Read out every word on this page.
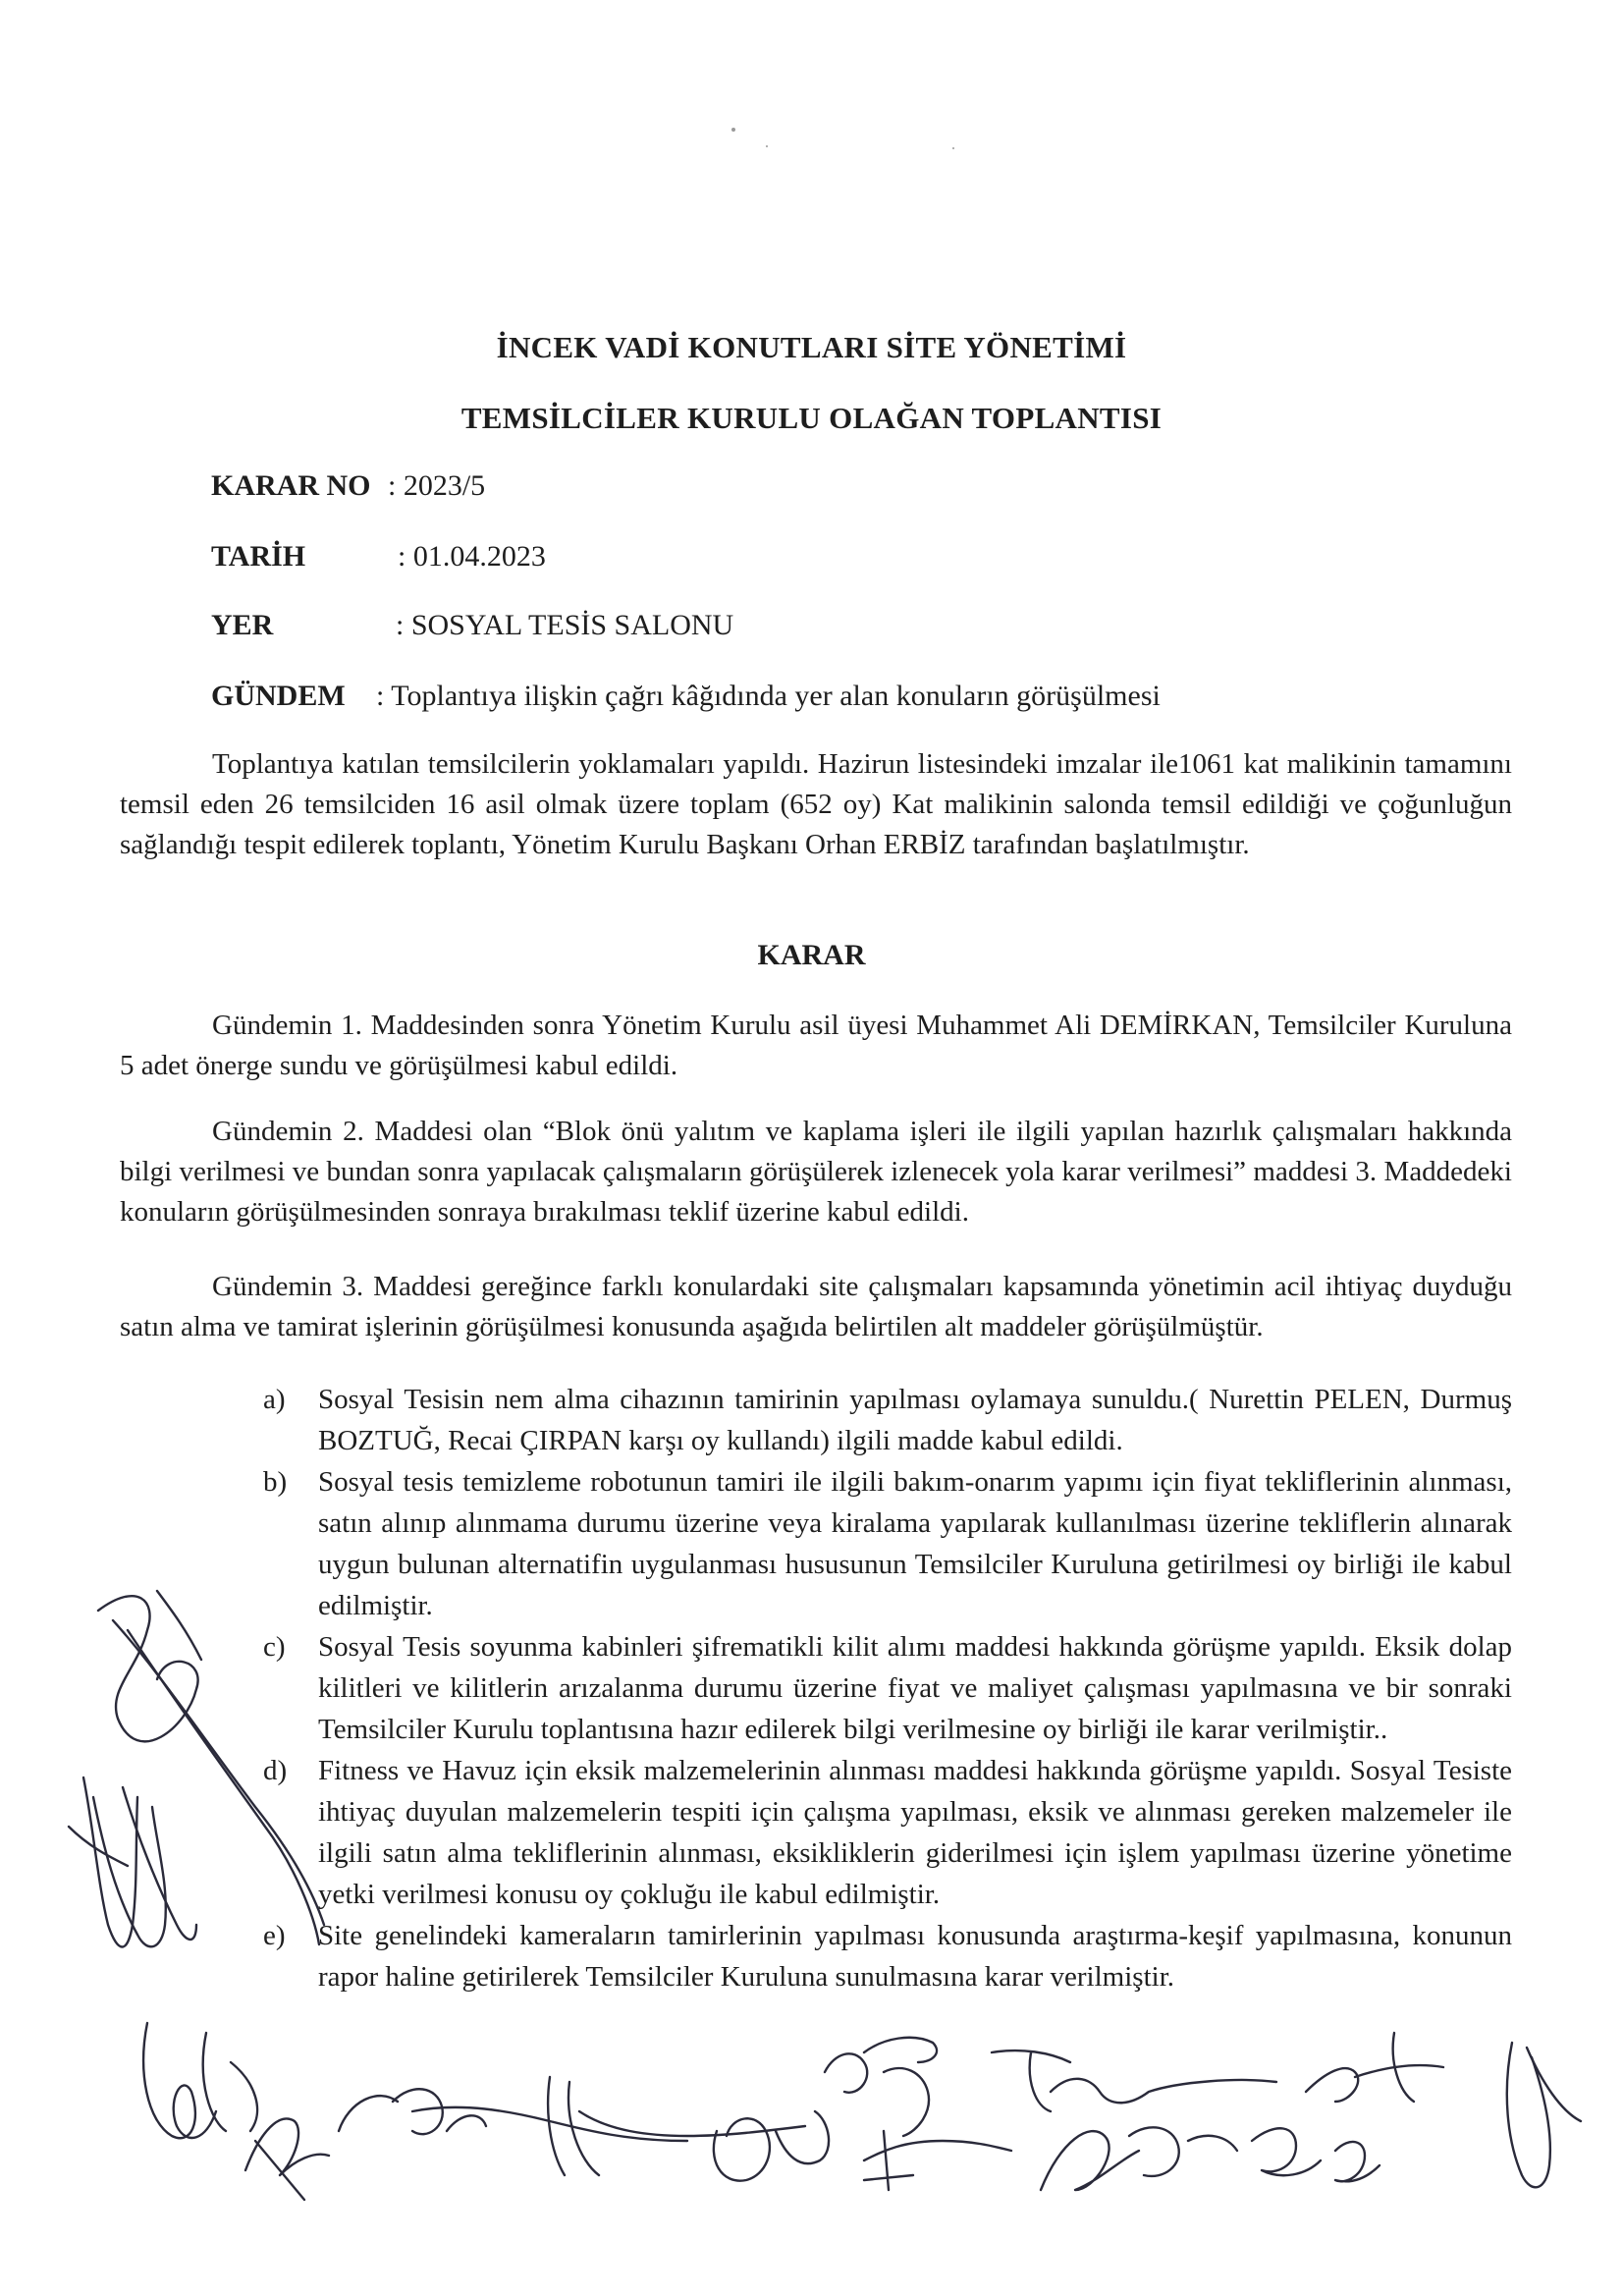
İNCEK VADİ KONUTLARI SİTE YÖNETİMİ
TEMSİLCİLER KURULU OLAĞAN TOPLANTISI
KARAR NO : 2023/5
TARİH	: 01.04.2023
YER	: SOSYAL TESİS SALONU
GÜNDEM : Toplantıya ilişkin çağrı kâğıdında yer alan konuların görüşülmesi
Toplantıya katılan temsilcilerin yoklamaları yapıldı. Hazirun listesindeki imzalar ile1061 kat malikinin tamamını temsil eden 26 temsilciden 16 asil olmak üzere toplam (652 oy) Kat malikinin salonda temsil edildiği ve çoğunluğun sağlandığı tespit edilerek toplantı, Yönetim Kurulu Başkanı Orhan ERBİZ tarafından başlatılmıştır.
KARAR
Gündemin 1. Maddesinden sonra Yönetim Kurulu asil üyesi Muhammet Ali DEMİRKAN, Temsilciler Kuruluna 5 adet önerge sundu ve görüşülmesi kabul edildi.
Gündemin 2. Maddesi olan “Blok önü yalıtım ve kaplama işleri ile ilgili yapılan hazırlık çalışmaları hakkında bilgi verilmesi ve bundan sonra yapılacak çalışmaların görüşülerek izlenecek yola karar verilmesi” maddesi 3. Maddedeki konuların görüşülmesinden sonraya bırakılması teklif üzerine kabul edildi.
Gündemin 3. Maddesi gereğince farklı konulardaki site çalışmaları kapsamında yönetimin acil ihtiyaç duyduğu satın alma ve tamirat işlerinin görüşülmesi konusunda aşağıda belirtilen alt maddeler görüşülmüştür.
a) Sosyal Tesisin nem alma cihazının tamirinin yapılması oylamaya sunuldu.( Nurettin PELEN, Durmuş BOZTUĞ, Recai ÇIRPAN karşı oy kullandı) ilgili madde kabul edildi.
b) Sosyal tesis temizleme robotunun tamiri ile ilgili bakım-onarım yapımı için fiyat tekliflerinin alınması, satın alınıp alınmama durumu üzerine veya kiralama yapılarak kullanılması üzerine tekliflerin alınarak uygun bulunan alternatifin uygulanması hususunun Temsilciler Kuruluna getirilmesi oy birliği ile kabul edilmiştir.
c) Sosyal Tesis soyunma kabinleri şifrematikli kilit alımı maddesi hakkında görüşme yapıldı. Eksik dolap kilitleri ve kilitlerin arızalanma durumu üzerine fiyat ve maliyet çalışması yapılmasına ve bir sonraki Temsilciler Kurulu toplantısına hazır edilerek bilgi verilmesine oy birliği ile karar verilmiştir..
d) Fitness ve Havuz için eksik malzemelerinin alınması maddesi hakkında görüşme yapıldı. Sosyal Tesiste ihtiyaç duyulan malzemelerin tespiti için çalışma yapılması, eksik ve alınması gereken malzemeler ile ilgili satın alma tekliflerinin alınması, eksikliklerin giderilmesi için işlem yapılması üzerine yönetime yetki verilmesi konusu oy çokluğu ile kabul edilmiştir.
e) Site genelindeki kameraların tamirlerinin yapılması konusunda araştırma-keşif yapılmasına, konunun rapor haline getirilerek Temsilciler Kuruluna sunulmasına karar verilmiştir.
